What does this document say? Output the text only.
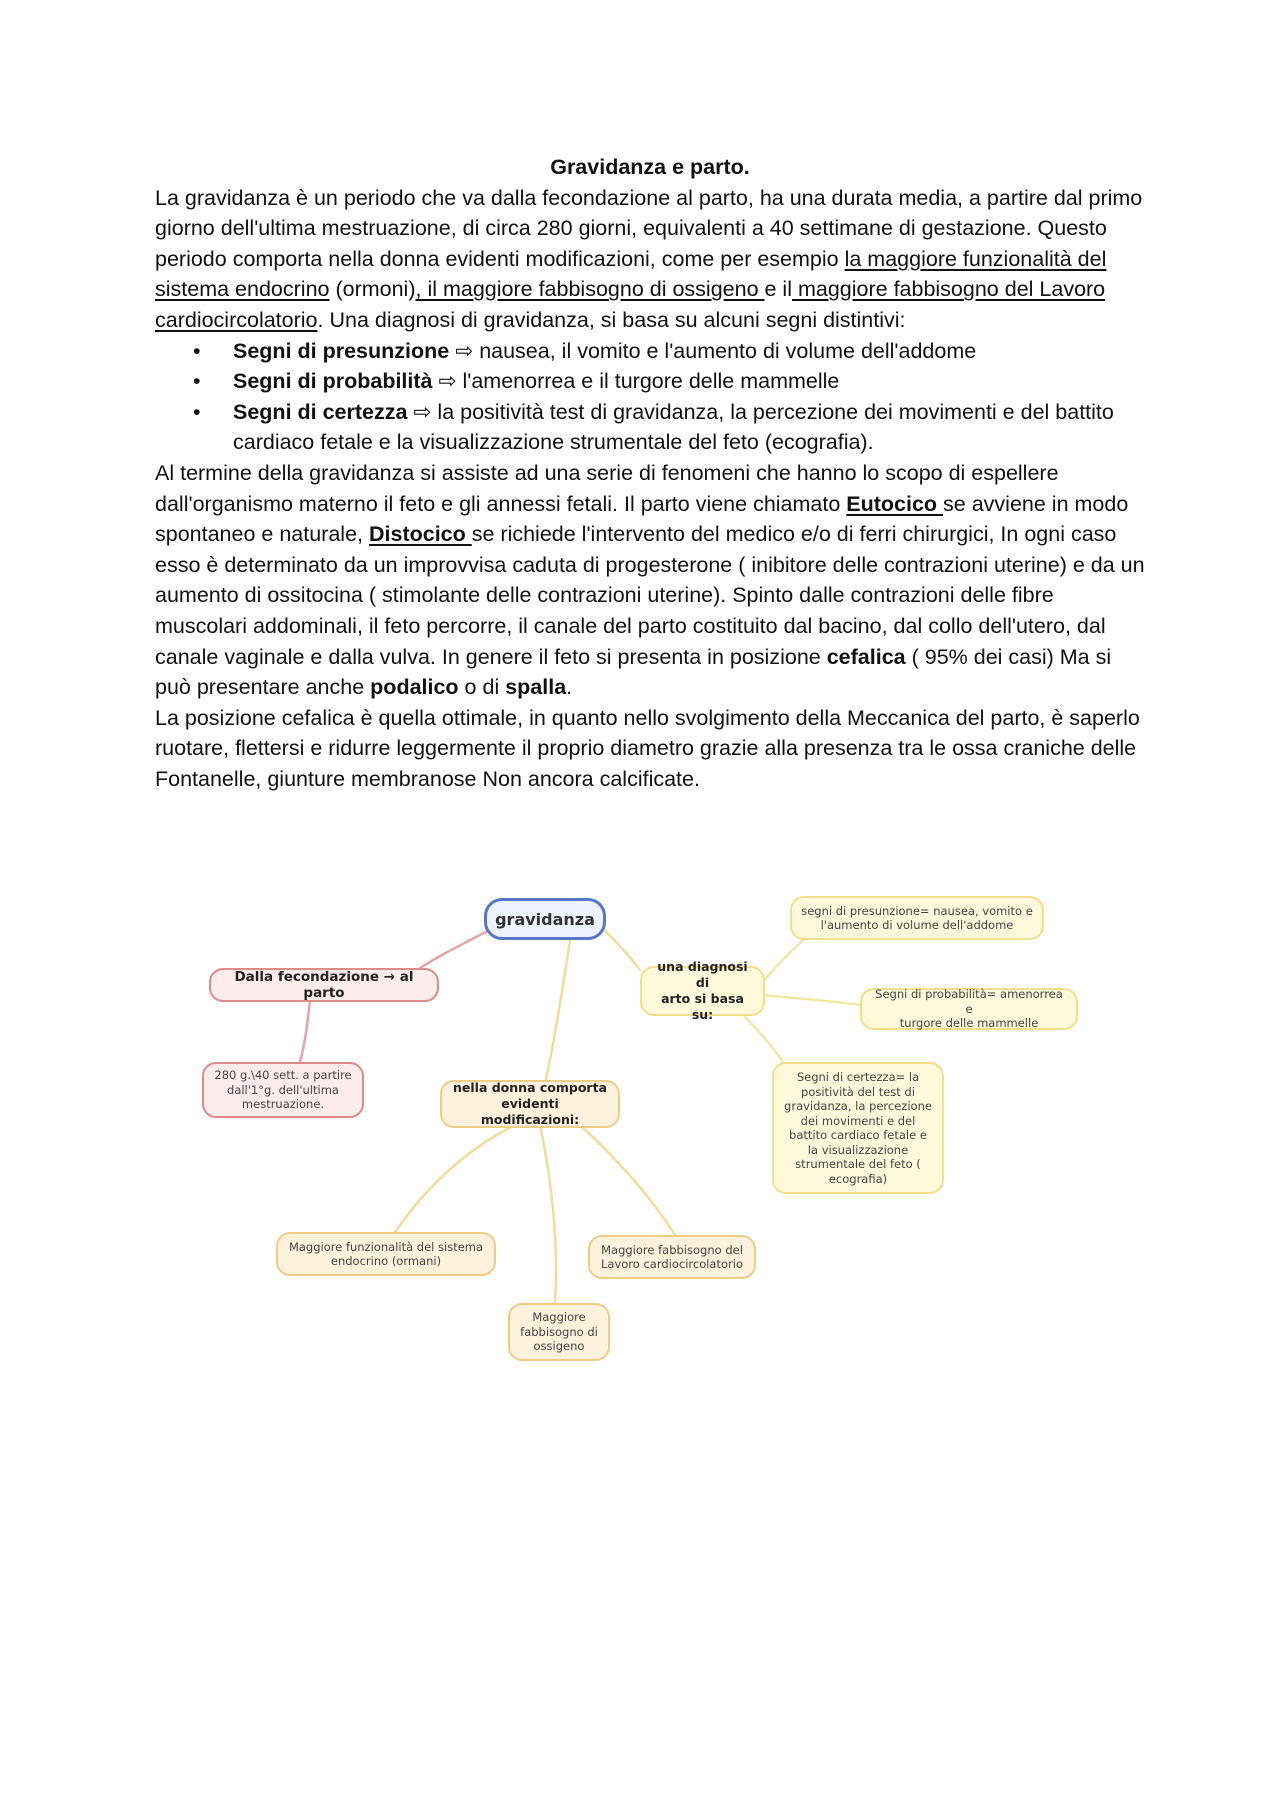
Gravidanza e parto.

La gravidanza è un periodo che va dalla fecondazione al parto, ha una durata media, a partire dal primo giorno dell'ultima mestruazione, di circa 280 giorni, equivalenti a 40 settimane di gestazione. Questo periodo comporta nella donna evidenti modificazioni, come per esempio la maggiore funzionalità del sistema endocrino (ormoni), il maggiore fabbisogno di ossigeno e il maggiore fabbisogno del Lavoro cardiocircolatorio. Una diagnosi di gravidanza, si basa su alcuni segni distintivi:

• Segni di presunzione ⇨ nausea, il vomito e l'aumento di volume dell'addome
• Segni di probabilità ⇨ l'amenorrea e il turgore delle mammelle
• Segni di certezza ⇨ la positività test di gravidanza, la percezione dei movimenti e del battito cardiaco fetale e la visualizzazione strumentale del feto (ecografia).

Al termine della gravidanza si assiste ad una serie di fenomeni che hanno lo scopo di espellere dall'organismo materno il feto e gli annessi fetali. Il parto viene chiamato Eutocico se avviene in modo spontaneo e naturale, Distocico se richiede l'intervento del medico e/o di ferri chirurgici, In ogni caso esso è determinato da un improvvisa caduta di progesterone ( inibitore delle contrazioni uterine) e da un aumento di ossitocina ( stimolante delle contrazioni uterine). Spinto dalle contrazioni delle fibre muscolari addominali, il feto percorre, il canale del parto costituito dal bacino, dal collo dell'utero, dal canale vaginale e dalla vulva. In genere il feto si presenta in posizione cefalica ( 95% dei casi) Ma si può presentare anche podalico o di spalla.

La posizione cefalica è quella ottimale, in quanto nello svolgimento della Meccanica del parto, è saperlo ruotare, flettersi e ridurre leggermente il proprio diametro grazie alla presenza tra le ossa craniche delle Fontanelle, giunture membranose Non ancora calcificate.

gravidanza
Dalla fecondazione → al parto
280 g.\40 sett. a partire
dall'1°g. dell'ultima
mestruazione.
nella donna comporta
evidenti modificazioni:
una diagnosi di
arto si basa su:
segni di presunzione= nausea, vomito e
l'aumento di volume dell'addome
Segni di probabilità= amenorrea e
turgore delle mammelle
Segni di certezza= la
positività del test di
gravidanza, la percezione
dei movimenti e del
battito cardiaco fetale e
la visualizzazione
strumentale del feto (
ecografia)
Maggiore funzionalità del sistema
endocrino (ormani)
Maggiore fabbisogno del
Lavoro cardiocircolatorio
Maggiore
fabbisogno di
ossigeno
